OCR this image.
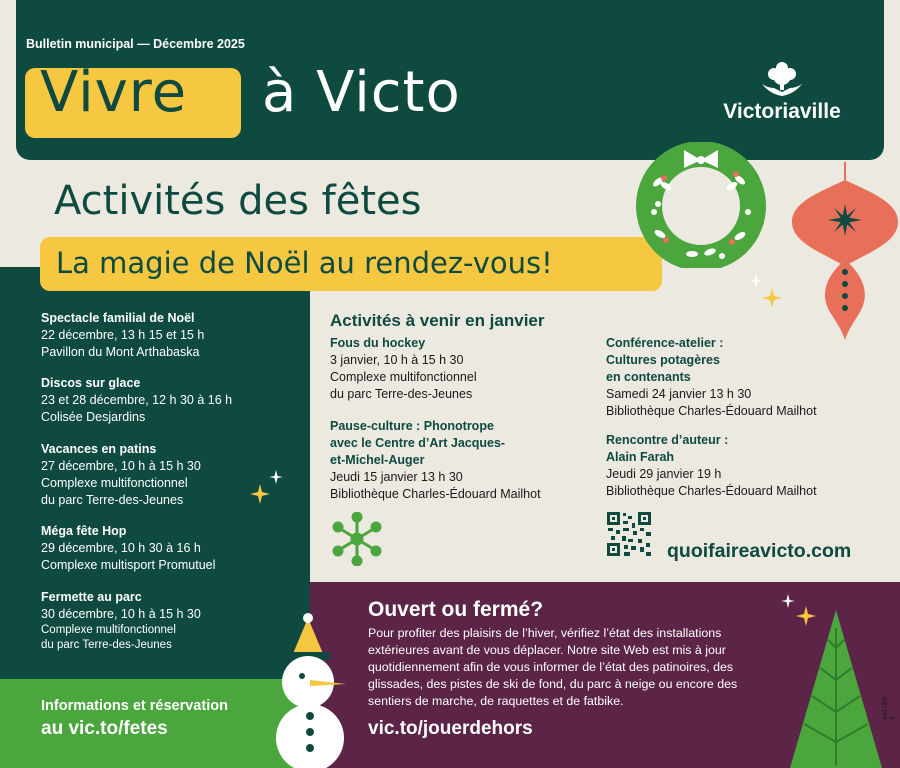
Bulletin municipal — Décembre 2025
Vivre à Victo	Victoriaville
Activités des fêtes
La magie de Noël au rendez-vous!
Spectacle familial de Noël
22 décembre, 13 h 15 et 15 h
Pavillon du Mont Arthabaska
Discos sur glace
23 et 28 décembre, 12 h 30 à 16 h
Colisée Desjardins
Vacances en patins
27 décembre, 10 h à 15 h 30
Complexe multifonctionnel
du parc Terre-des-Jeunes
Méga fête Hop
29 décembre, 10 h 30 à 16 h
Complexe multisport Promutuel
Fermette au parc
30 décembre, 10 h à 15 h 30
Complexe multifonctionnel
du parc Terre-des-Jeunes
Informations et réservation
au vic.to/fetes
Activités à venir en janvier
Fous du hockey
3 janvier, 10 h à 15 h 30
Complexe multifonctionnel
du parc Terre-des-Jeunes
Pause-culture : Phonotrope
avec le Centre d’Art Jacques-
et-Michel-Auger
Jeudi 15 janvier 13 h 30
Bibliothèque Charles-Édouard Mailhot
Conférence-atelier :
Cultures potagères
en contenants
Samedi 24 janvier 13 h 30
Bibliothèque Charles-Édouard Mailhot
Rencontre d’auteur :
Alain Farah
Jeudi 29 janvier 19 h
Bibliothèque Charles-Édouard Mailhot
quoifaireavicto.com
Ouvert ou fermé?
Pour profiter des plaisirs de l’hiver, vérifiez l’état des installations extérieures avant de vous déplacer. Notre site Web est mis à jour quotidiennement afin de vous informer de l’état des patinoires, des glissades, des pistes de ski de fond, du parc à neige ou encore des sentiers de marche, de raquettes et de fatbike.
vic.to/jouerdehors
x41789-1
